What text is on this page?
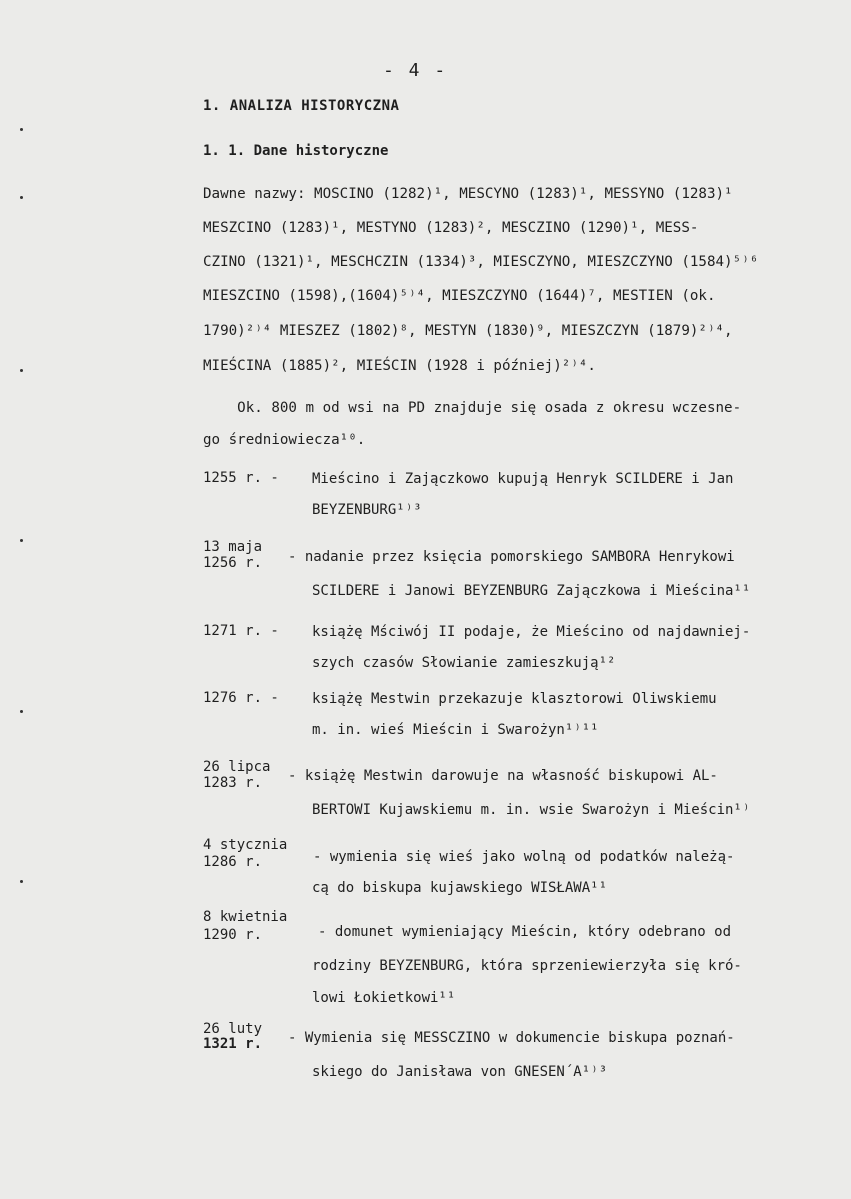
- 4 -
1. ANALIZA HISTORYCZNA
1. 1. Dane historyczne
Dawne nazwy: MOSCINO (1282)¹, MESCYNO (1283)¹, MESSYNO (1283)¹
MESZCINO (1283)¹, MESTYNO (1283)², MESCZINO (1290)¹, MESS-
CZINO (1321)¹, MESCHCZIN (1334)³, MIESCZYNO, MIESZCZYNO (1584)⁵⁾⁶
MIESZCINO (1598),(1604)⁵⁾⁴, MIESZCZYNO (1644)⁷, MESTIEN (ok.
1790)²⁾⁴ MIESZEZ (1802)⁸, MESTYN (1830)⁹, MIESZCZYN (1879)²⁾⁴,
MIEŚCINA (1885)², MIEŚCIN (1928 i później)²⁾⁴.
Ok. 800 m od wsi na PD znajduje się osada z okresu wczesne-
go średniowiecza¹⁰.
1255 r. - Mieścino i Zajączkowo kupują Henryk SCILDERE i Jan
BEYZENBURG¹⁾³
13 maja
1256 r. - nadanie przez księcia pomorskiego SAMBORA Henrykowi
SCILDERE i Janowi BEYZENBURG Zajączkowa i Mieścina¹¹
1271 r. - książę Mściwój II podaje, że Mieścino od najdawniej-
szych czasów Słowianie zamieszkują¹²
1276 r. - książę Mestwin przekazuje klasztorowi Oliwskiemu
m. in. wieś Mieścin i Swarożyn¹⁾¹¹
26 lipca
1283 r. - książę Mestwin darowuje na własność biskupowi AL-
BERTOWI Kujawskiemu m. in. wsie Swarożyn i Mieścin¹⁾
4 stycznia
1286 r.	- wymienia się wieś jako wolną od podatków należą-
cą do biskupa kujawskiego WISŁAWA¹¹
8 kwietnia
1290 r.	- domunet wymieniający Mieścin, który odebrano od
rodziny BEYZENBURG, która sprzeniewierzyła się kró-
lowi Łokietkowi¹¹
26 luty
1321 r. - Wymienia się MESSCZINO w dokumencie biskupa poznań-
skiego do Janisława von GNESEN´A¹⁾³
